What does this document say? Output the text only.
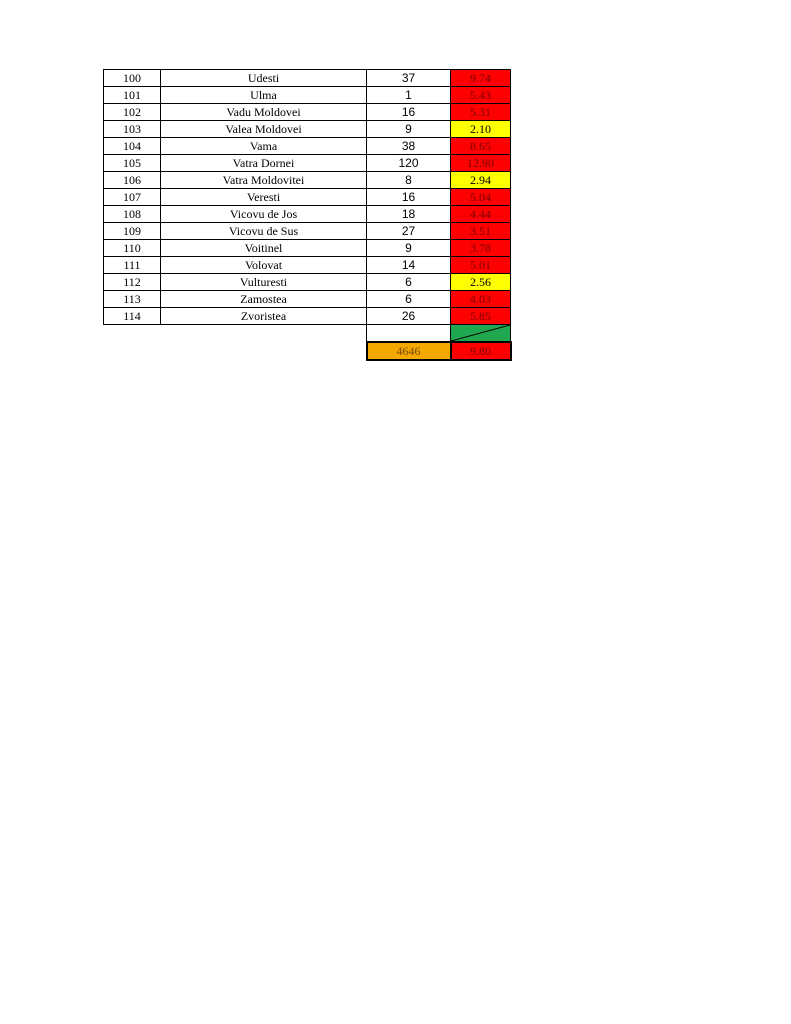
100	Udesti	37	9.74
101	Ulma	1	5.43
102	Vadu Moldovei	16	5.31
103	Valea Moldovei	9	2.10
104	Vama	38	8.65
105	Vatra Dornei	120	12.90
106	Vatra Moldovitei	8	2.94
107	Veresti	16	5.04
108	Vicovu de Jos	18	4.44
109	Vicovu de Sus	27	3.51
110	Voitinel	9	3.78
111	Volovat	14	5.01
112	Vulturesti	6	2.56
113	Zamostea	6	4.03
114	Zvoristea	26	5.85

		4646	9.80
